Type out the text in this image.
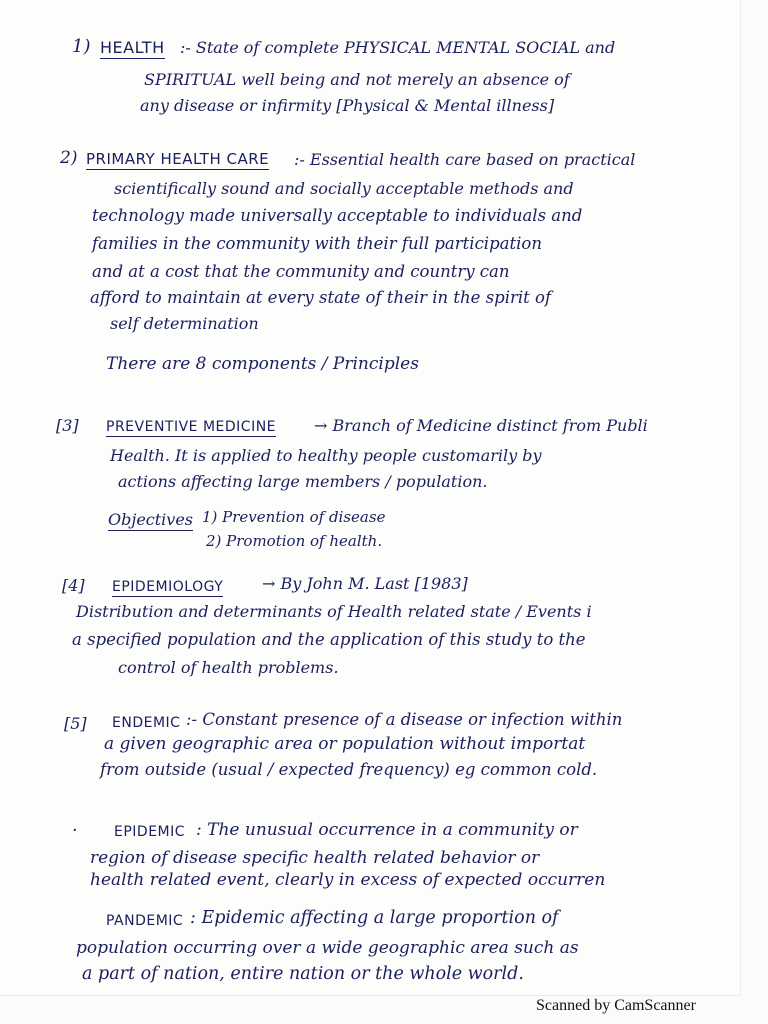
1) HEALTH :- State of complete PHYSICAL MENTAL SOCIAL and
SPIRITUAL well being and not merely an absence of
any disease or infirmity [Physical & Mental illness]
2) PRIMARY HEALTH CARE :- Essential health care based on practical
scientifically sound and socially acceptable methods and
technology made universally acceptable to individuals and
families in the community with their full participation
and at a cost that the community and country can
afford to maintain at every state of their in the spirit of
self determination
There are 8 components / Principles
[3] PREVENTIVE MEDICINE → Branch of Medicine distinct from Publi
Health. It is applied to healthy people customarily by
actions affecting large members / population.
Objectives 1) Prevention of disease
2) Promotion of health.
[4] EPIDEMIOLOGY → By John M. Last [1983]
Distribution and determinants of Health related state / Events i
a specified population and the application of this study to the
control of health problems.
[5] ENDEMIC :- Constant presence of a disease or infection within
a given geographic area or population without importat
from outside (usual / expected frequency) eg common cold.
·	EPIDEMIC : The unusual occurrence in a community or
region of disease specific health related behavior or
health related event, clearly in excess of expected occurren
PANDEMIC : Epidemic affecting a large proportion of
population occurring over a wide geographic area such as
a part of nation, entire nation or the whole world.
Scanned by CamScanner
